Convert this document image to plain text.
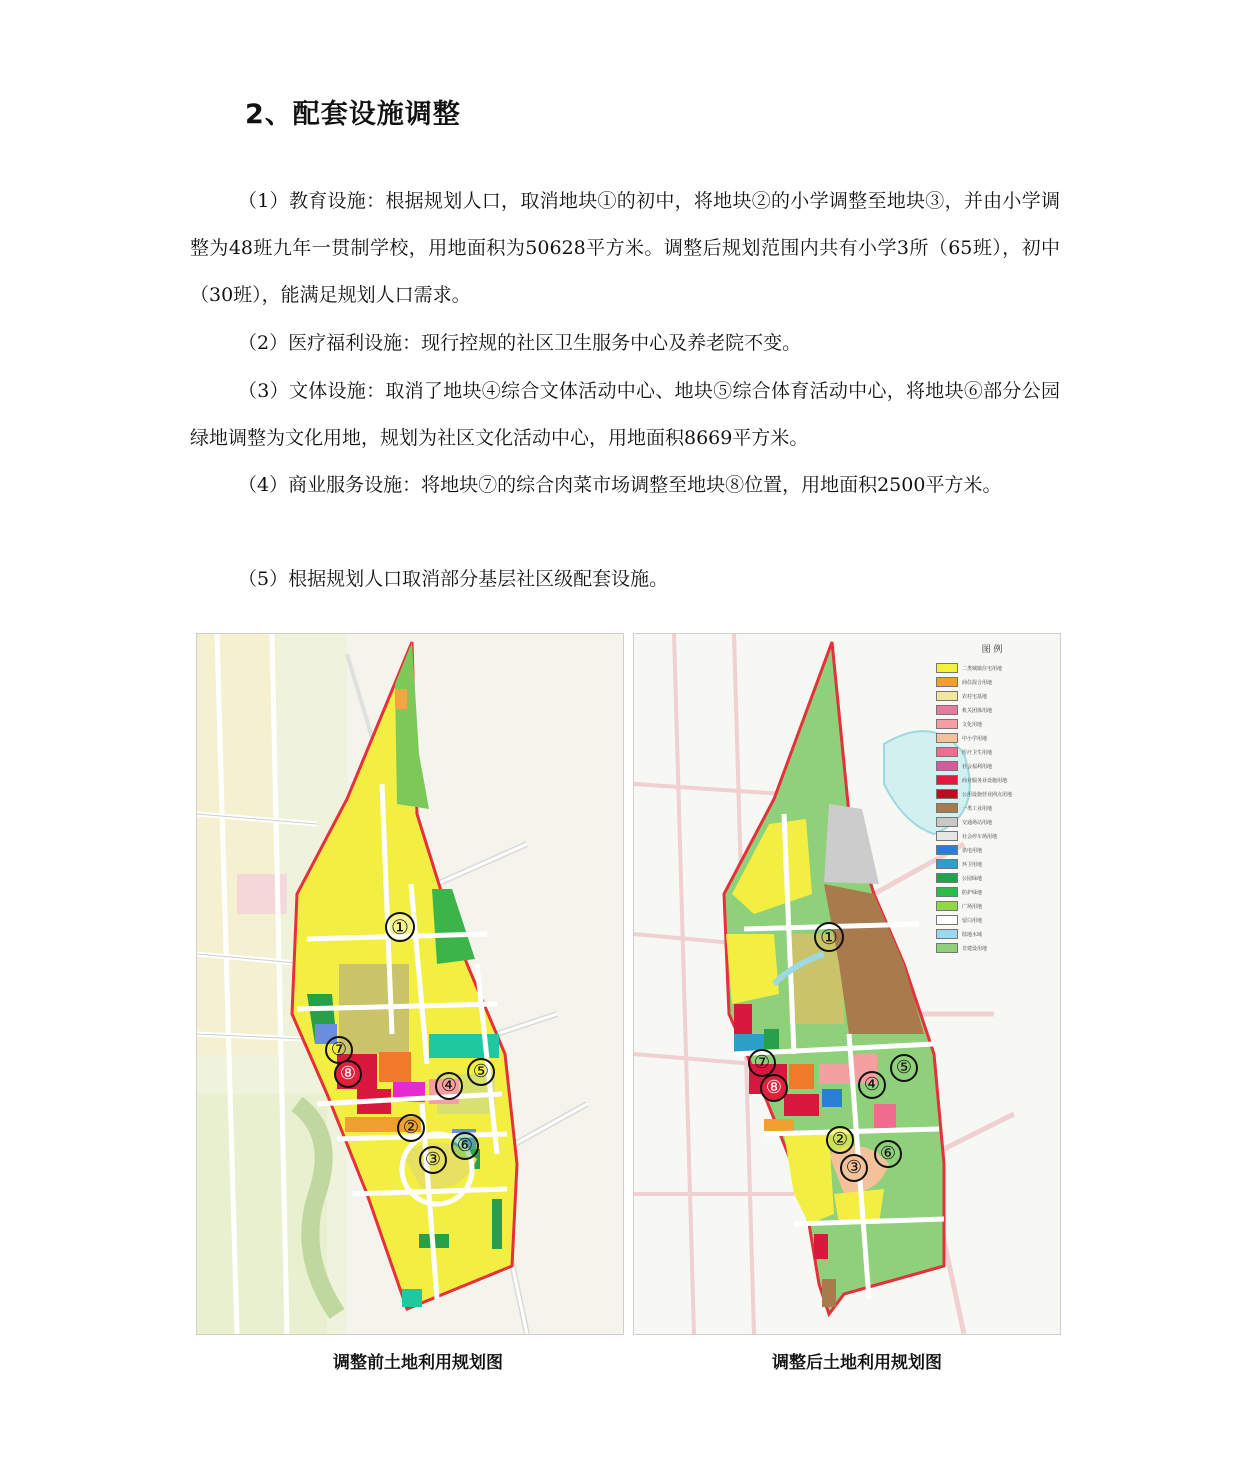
2、配套设施调整

（1）教育设施：根据规划人口，取消地块①的初中，将地块②的小学调整至地块③，并由小学调整为48班九年一贯制学校，用地面积为50628平方米。调整后规划范围内共有小学3所（65班），初中（30班），能满足规划人口需求。

（2）医疗福利设施：现行控规的社区卫生服务中心及养老院不变。

（3）文体设施：取消了地块④综合文体活动中心、地块⑤综合体育活动中心，将地块⑥部分公园绿地调整为文化用地，规划为社区文化活动中心，用地面积8669平方米。

（4）商业服务设施：将地块⑦的综合肉菜市场调整至地块⑧位置，用地面积2500平方米。

（5）根据规划人口取消部分基层社区级配套设施。

①
⑦
⑧
④
⑤
②
⑥
③
图 例
二类城镇住宅用地
商住混合用地
农村宅基地
机关团体用地
文化用地
中小学用地
医疗卫生用地
社会福利用地
商业服务业设施用地
公用设施营业网点用地
一类工业用地
交通场站用地
社会停车场用地
供电用地
环卫用地
公园绿地
防护绿地
广场用地
留白用地
陆地水域
非建设用地
①
⑦
⑧	④
⑤
②
⑥
③
调整前土地利用规划图	调整后土地利用规划图
